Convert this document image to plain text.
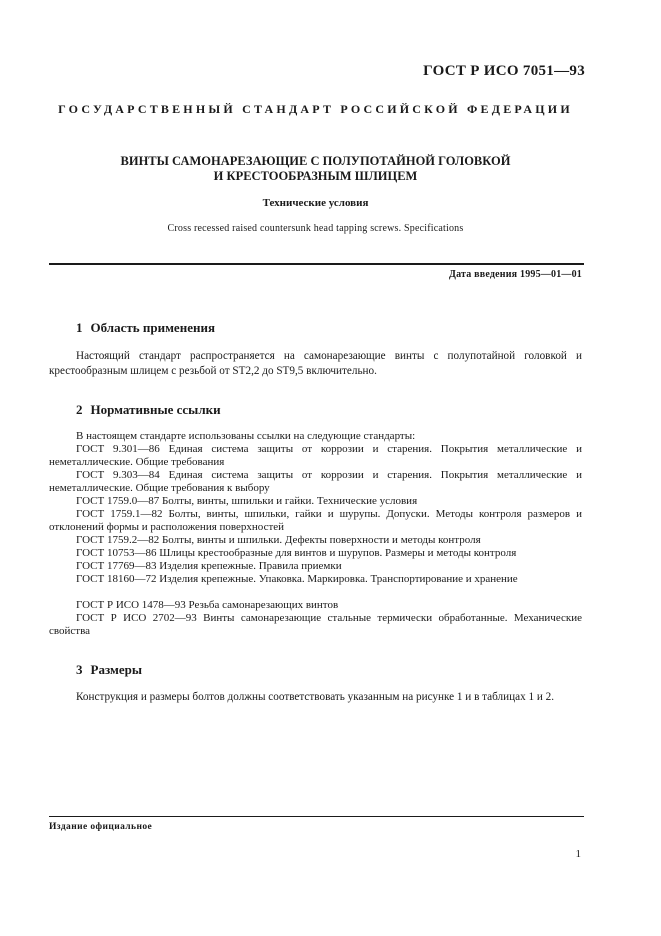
ГОСТ Р ИСО 7051—93
ГОСУДАРСТВЕННЫЙ СТАНДАРТ РОССИЙСКОЙ ФЕДЕРАЦИИ
ВИНТЫ САМОНАРЕЗАЮЩИЕ С ПОЛУПОТАЙНОЙ ГОЛОВКОЙ
И КРЕСТООБРАЗНЫМ ШЛИЦЕМ
Технические условия
Cross recessed raised countersunk head tapping screws. Specifications
Дата введения 1995—01—01
1 Область применения
Настоящий стандарт распространяется на самонарезающие винты с полупотайной головкой и крестообразным шлицем с резьбой от ST2,2 до ST9,5 включительно.
2 Нормативные ссылки
В настоящем стандарте использованы ссылки на следующие стандарты:
ГОСТ 9.301—86 Единая система защиты от коррозии и старения. Покрытия металлические и неметаллические. Общие требования
ГОСТ 9.303—84 Единая система защиты от коррозии и старения. Покрытия металлические и неметаллические. Общие требования к выбору
ГОСТ 1759.0—87 Болты, винты, шпильки и гайки. Технические условия
ГОСТ 1759.1—82 Болты, винты, шпильки, гайки и шурупы. Допуски. Методы контроля размеров и отклонений формы и расположения поверхностей
ГОСТ 1759.2—82 Болты, винты и шпильки. Дефекты поверхности и методы контроля
ГОСТ 10753—86 Шлицы крестообразные для винтов и шурупов. Размеры и методы контроля
ГОСТ 17769—83 Изделия крепежные. Правила приемки
ГОСТ 18160—72 Изделия крепежные. Упаковка. Маркировка. Транспортирование и хранение
ГОСТ Р ИСО 1478—93 Резьба самонарезающих винтов
ГОСТ Р ИСО 2702—93 Винты самонарезающие стальные термически обработанные. Механические свойства
3 Размеры
Конструкция и размеры болтов должны соответствовать указанным на рисунке 1 и в таблицах 1 и 2.
Издание официальное
1
